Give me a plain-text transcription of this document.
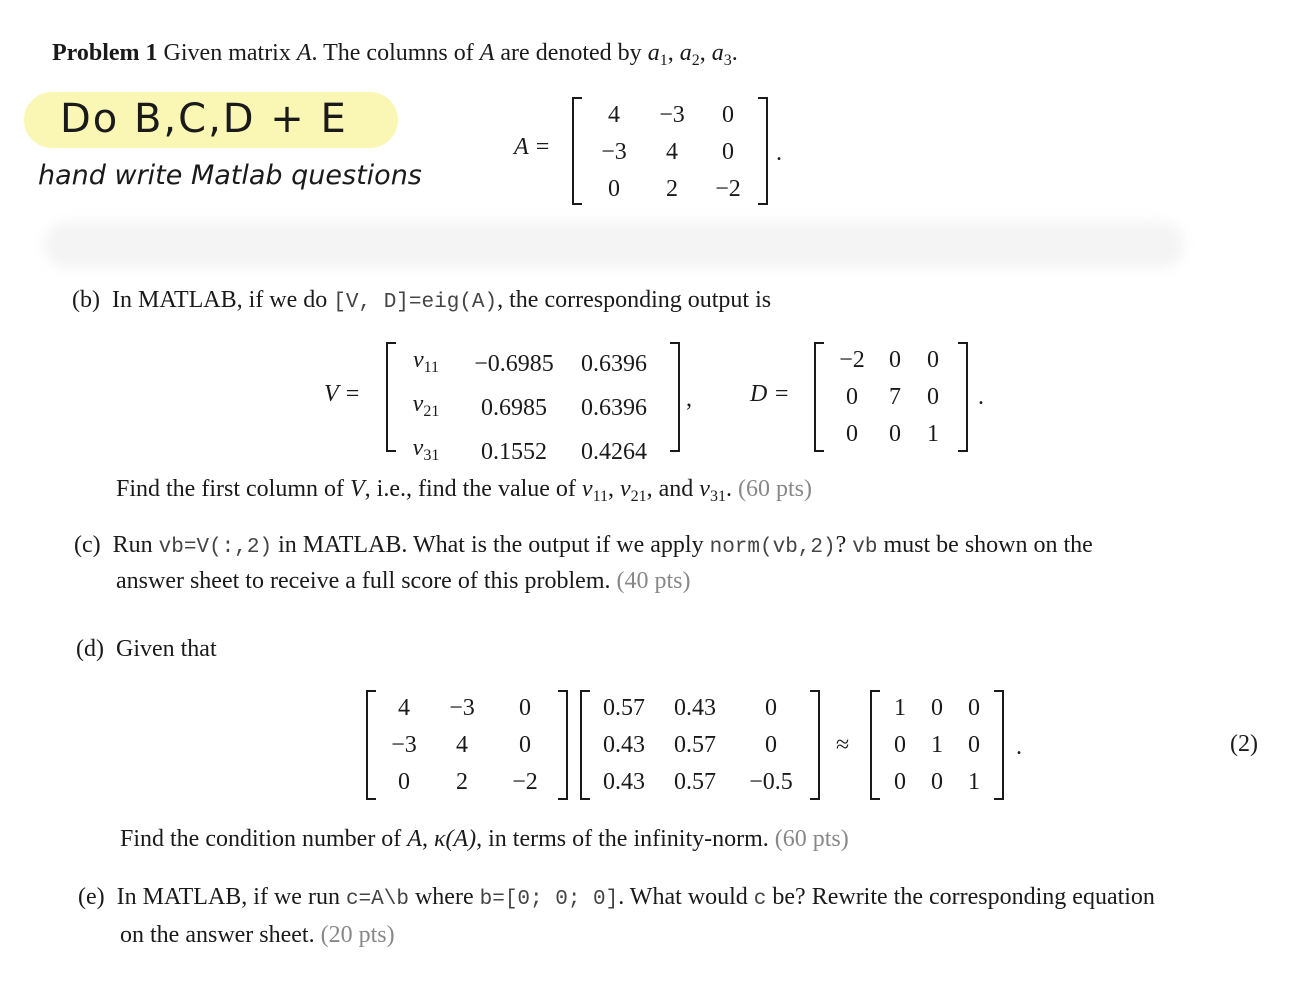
Problem 1 Given matrix A. The columns of A are denoted by $a_1$, $a_2$, $a_3$.
Do B,C,D + E
hand write Matlab questions
A =
4	−3	0
−3	4	0
0	2	−2
.
(b) In MATLAB, if we do [V, D]=eig(A), the corresponding output is
V =
$v_{11}$	−0.6985	0.6396
$v_{21}$	0.6985	0.6396
$v_{31}$	0.1552	0.4264
, D =
−2	0	0
0	7	0
0	0	1
.
Find the first column of V, i.e., find the value of $v_{11}$, $v_{21}$, and $v_{31}$. (60 pts)
(c) Run vb=V(:,2) in MATLAB. What is the output if we apply norm(vb,2)? vb must be shown on the
answer sheet to receive a full score of this problem. (40 pts)
(d) Given that
4	−3	0
−3	4	0
0	2	−2
0.57	0.43	0
0.43	0.57	0
0.43	0.57	−0.5
≈
1	0	0
0	1	0
0	0	1
.	(2)
Find the condition number of A, κ(A), in terms of the infinity-norm. (60 pts)
(e) In MATLAB, if we run c=A\b where b=[0; 0; 0]. What would c be? Rewrite the corresponding equation
on the answer sheet. (20 pts)
